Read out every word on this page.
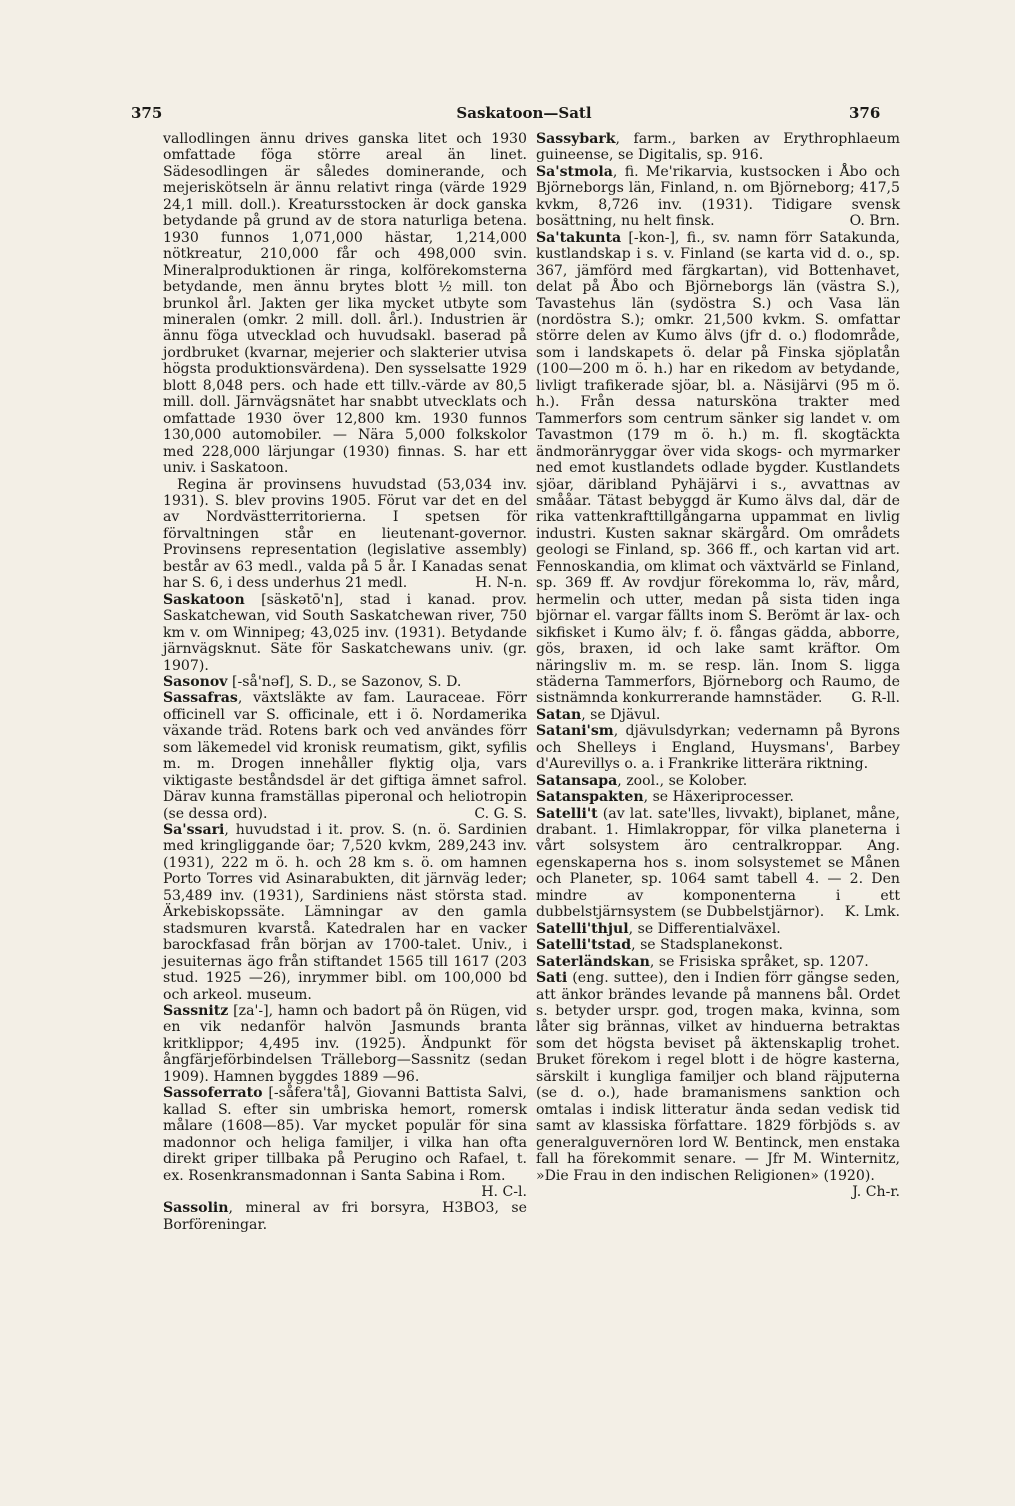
375	Saskatoon—Satl	376

vallodlingen ännu drives ganska litet och 1930 omfattade föga större areal än linet. Sädesodlingen är således dominerande, och mejeriskötseln är ännu relativt ringa (värde 1929 24,1 mill. doll.). Kreatursstocken är dock ganska betydande på grund av de stora naturliga betena. 1930 funnos 1,071,000 hästar, 1,214,000 nötkreatur, 210,000 får och 498,000 svin. Mineralproduktionen är ringa, kolförekomsterna betydande, men ännu brytes blott ½ mill. ton brunkol årl. Jakten ger lika mycket utbyte som mineralen (omkr. 2 mill. doll. årl.). Industrien är ännu föga utvecklad och huvudsakl. baserad på jordbruket (kvarnar, mejerier och slakterier utvisa högsta produktionsvärdena). Den sysselsatte 1929 blott 8,048 pers. och hade ett tillv.-värde av 80,5 mill. doll. Järnvägsnätet har snabbt utvecklats och omfattade 1930 över 12,800 km. 1930 funnos 130,000 automobiler. — Nära 5,000 folkskolor med 228,000 lärjungar (1930) finnas. S. har ett univ. i Saskatoon.

Regina är provinsens huvudstad (53,034 inv. 1931). S. blev provins 1905. Förut var det en del av Nordvästterritorierna. I spetsen för förvaltningen står en lieutenant-governor. Provinsens representation (legislative assembly) består av 63 medl., valda på 5 år. I Kanadas senat har S. 6, i dess underhus 21 medl.	H. N-n.

Saskatoon [säskətō'n], stad i kanad. prov. Saskatchewan, vid South Saskatchewan river, 750 km v. om Winnipeg; 43,025 inv. (1931). Betydande järnvägsknut. Säte för Saskatchewans univ. (gr. 1907).

Sasonov [-så'nəf], S. D., se Sazonov, S. D.

Sassafras, växtsläkte av fam. Lauraceae. Förr officinell var S. officinale, ett i ö. Nordamerika växande träd. Rotens bark och ved användes förr som läkemedel vid kronisk reumatism, gikt, syfilis m. m. Drogen innehåller flyktig olja, vars viktigaste beståndsdel är det giftiga ämnet safrol. Därav kunna framställas piperonal och heliotropin (se dessa ord).	C. G. S.

Sa'ssari, huvudstad i it. prov. S. (n. ö. Sardinien med kringliggande öar; 7,520 kvkm, 289,243 inv. (1931), 222 m ö. h. och 28 km s. ö. om hamnen Porto Torres vid Asinarabukten, dit järnväg leder; 53,489 inv. (1931), Sardiniens näst största stad. Ärkebiskopssäte. Lämningar av den gamla stadsmuren kvarstå. Katedralen har en vacker barockfasad från början av 1700-talet. Univ., i jesuiternas ägo från stiftandet 1565 till 1617 (203 stud. 1925 —26), inrymmer bibl. om 100,000 bd och arkeol. museum.

Sassnitz [za'-], hamn och badort på ön Rügen, vid en vik nedanför halvön Jasmunds branta kritklippor; 4,495 inv. (1925). Ändpunkt för ångfärjeförbindelsen Trälleborg—Sassnitz (sedan 1909). Hamnen byggdes 1889 —96.

Sassoferrato [-såfera'tå], Giovanni Battista Salvi, kallad S. efter sin umbriska hemort, romersk målare (1608—85). Var mycket populär för sina madonnor och heliga familjer, i vilka han ofta direkt griper tillbaka på Perugino och Rafael, t. ex. Rosenkransmadonnan i Santa Sabina i Rom.
H. C-l.

Sassolin, mineral av fri borsyra, H3BO3, se Borföreningar.

Sassybark, farm., barken av Erythrophlaeum guineense, se Digitalis, sp. 916.

Sa'stmola, fi. Me'rikarvia, kustsocken i Åbo och Björneborgs län, Finland, n. om Björneborg; 417,5 kvkm, 8,726 inv. (1931). Tidigare svensk bosättning, nu helt finsk.	O. Brn.

Sa'takunta [-kon-], fi., sv. namn förr Satakunda, kustlandskap i s. v. Finland (se karta vid d. o., sp. 367, jämförd med färgkartan), vid Bottenhavet, delat på Åbo och Björneborgs län (västra S.), Tavastehus län (sydöstra S.) och Vasa län (nordöstra S.); omkr. 21,500 kvkm. S. omfattar större delen av Kumo älvs (jfr d. o.) flodområde, som i landskapets ö. delar på Finska sjöplatån (100—200 m ö. h.) har en rikedom av betydande, livligt trafikerade sjöar, bl. a. Näsijärvi (95 m ö. h.). Från dessa natursköna trakter med Tammerfors som centrum sänker sig landet v. om Tavastmon (179 m ö. h.) m. fl. skogtäckta ändmoränryggar över vida skogs- och myrmarker ned emot kustlandets odlade bygder. Kustlandets sjöar, däribland Pyhäjärvi i s., avvattnas av smååar. Tätast bebyggd är Kumo älvs dal, där de rika vattenkrafttillgångarna uppammat en livlig industri. Kusten saknar skärgård. Om områdets geologi se Finland, sp. 366 ff., och kartan vid art. Fennoskandia, om klimat och växtvärld se Finland, sp. 369 ff. Av rovdjur förekomma lo, räv, mård, hermelin och utter, medan på sista tiden inga björnar el. vargar fällts inom S. Berömt är lax- och sikfisket i Kumo älv; f. ö. fångas gädda, abborre, gös, braxen, id och lake samt kräftor. Om näringsliv m. m. se resp. län. Inom S. ligga städerna Tammerfors, Björneborg och Raumo, de sistnämnda konkurrerande hamnstäder.	G. R-ll.

Satan, se Djävul.

Satani'sm, djävulsdyrkan; vedernamn på Byrons och Shelleys i England, Huysmans', Barbey d'Aurevillys o. a. i Frankrike litterära riktning.

Satansapa, zool., se Kolober.

Satanspakten, se Häxeriprocesser.

Satelli't (av lat. sate'lles, livvakt), biplanet, måne, drabant. 1. Himlakroppar, för vilka planeterna i vårt solsystem äro centralkroppar. Ang. egenskaperna hos s. inom solsystemet se Månen och Planeter, sp. 1064 samt tabell 4. — 2. Den mindre av komponenterna i ett dubbelstjärnsystem (se Dubbelstjärnor).	K. Lmk.

Satelli'thjul, se Differentialväxel.

Satelli'tstad, se Stadsplanekonst.

Saterländskan, se Frisiska språket, sp. 1207.

Sati (eng. suttee), den i Indien förr gängse seden, att änkor brändes levande på mannens bål. Ordet s. betyder urspr. god, trogen maka, kvinna, som låter sig brännas, vilket av hinduerna betraktas som det högsta beviset på äktenskaplig trohet. Bruket förekom i regel blott i de högre kasterna, särskilt i kungliga familjer och bland räjputerna (se d. o.), hade bramanismens sanktion och omtalas i indisk litteratur ända sedan vedisk tid samt av klassiska författare. 1829 förbjöds s. av generalguvernören lord W. Bentinck, men enstaka fall ha förekommit senare. — Jfr M. Winternitz, »Die Frau in den indischen Religionen» (1920).
J. Ch-r.
